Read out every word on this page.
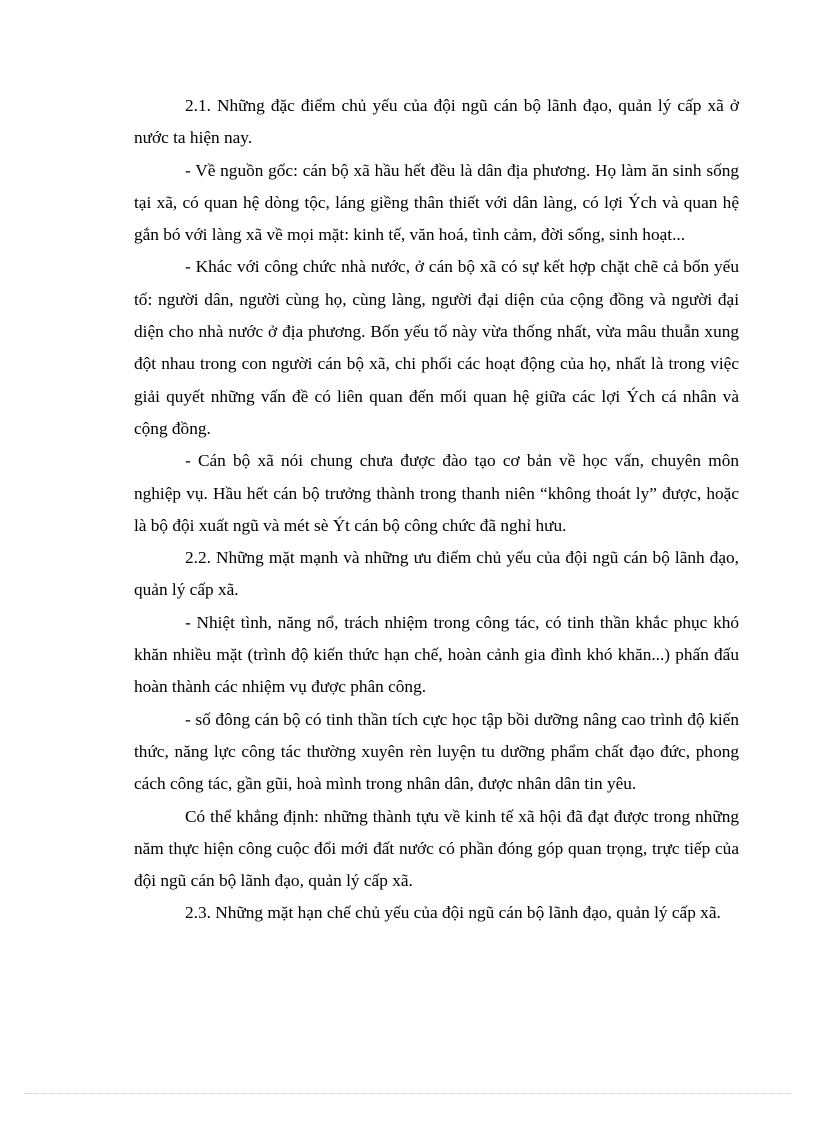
2.1. Những đặc điểm chủ yếu của đội ngũ cán bộ lãnh đạo, quản lý cấp xã ở nước ta hiện nay.

- Về nguồn gốc: cán bộ xã hầu hết đều là dân địa phương. Họ làm ăn sinh sống tại xã, có quan hệ dòng tộc, láng giềng thân thiết với dân làng, có lợi Ých và quan hệ gắn bó với làng xã về mọi mặt: kinh tế, văn hoá, tình cảm, đời sống, sinh hoạt...

- Khác với công chức nhà nước, ở cán bộ xã có sự kết hợp chặt chẽ cả bốn yếu tố: người dân, người cùng họ, cùng làng, người đại diện của cộng đồng và người đại diện cho nhà nước ở địa phương. Bốn yếu tố này vừa thống nhất, vừa mâu thuẫn xung đột nhau trong con người cán bộ xã, chi phối các hoạt động của họ, nhất là trong việc giải quyết những vấn đề có liên quan đến mối quan hệ giữa các lợi Ých cá nhân và cộng đồng.

- Cán bộ xã nói chung chưa được đào tạo cơ bản về học vấn, chuyên môn nghiệp vụ. Hầu hết cán bộ trưởng thành trong thanh niên “không thoát ly” được, hoặc là bộ đội xuất ngũ và mét sè Ýt cán bộ công chức đã nghỉ hưu.

2.2. Những mặt mạnh và những ưu điểm chủ yếu của đội ngũ cán bộ lãnh đạo, quản lý cấp xã.

- Nhiệt tình, năng nổ, trách nhiệm trong công tác, có tinh thần khắc phục khó khăn nhiều mặt (trình độ kiến thức hạn chế, hoàn cảnh gia đình khó khăn...) phấn đấu hoàn thành các nhiệm vụ được phân công.

- số đông cán bộ có tinh thần tích cực học tập bồi dưỡng nâng cao trình độ kiến thức, năng lực công tác thường xuyên rèn luyện tu dưỡng phẩm chất đạo đức, phong cách công tác, gần gũi, hoà mình trong nhân dân, được nhân dân tin yêu.

Có thể khẳng định: những thành tựu về kinh tế xã hội đã đạt được trong những năm thực hiện công cuộc đổi mới đất nước có phần đóng góp quan trọng, trực tiếp của đội ngũ cán bộ lãnh đạo, quản lý cấp xã.

2.3. Những mặt hạn chế chủ yếu của đội ngũ cán bộ lãnh đạo, quản lý cấp xã.
